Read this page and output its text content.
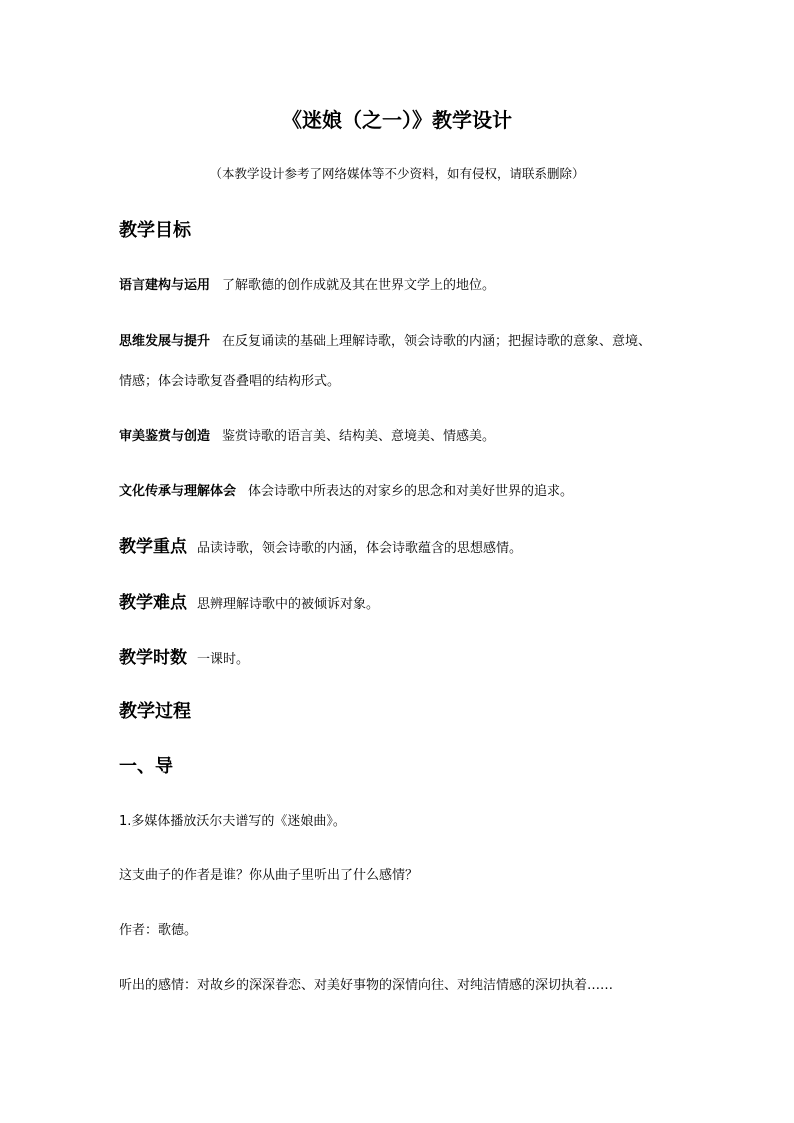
《迷娘（之一）》教学设计
（本教学设计参考了网络媒体等不少资料，如有侵权，请联系删除）
教学目标
语言建构与运用 了解歌德的创作成就及其在世界文学上的地位。
思维发展与提升 在反复诵读的基础上理解诗歌，领会诗歌的内涵；把握诗歌的意象、意境、
情感；体会诗歌复沓叠唱的结构形式。
审美鉴赏与创造 鉴赏诗歌的语言美、结构美、意境美、情感美。
文化传承与理解体会 体会诗歌中所表达的对家乡的思念和对美好世界的追求。
教学重点 品读诗歌，领会诗歌的内涵，体会诗歌蕴含的思想感情。
教学难点 思辨理解诗歌中的被倾诉对象。
教学时数 一课时。
教学过程
一、导
1.多媒体播放沃尔夫谱写的《迷娘曲》。
这支曲子的作者是谁？你从曲子里听出了什么感情？
作者：歌德。
听出的感情：对故乡的深深眷恋、对美好事物的深情向往、对纯洁情感的深切执着……
